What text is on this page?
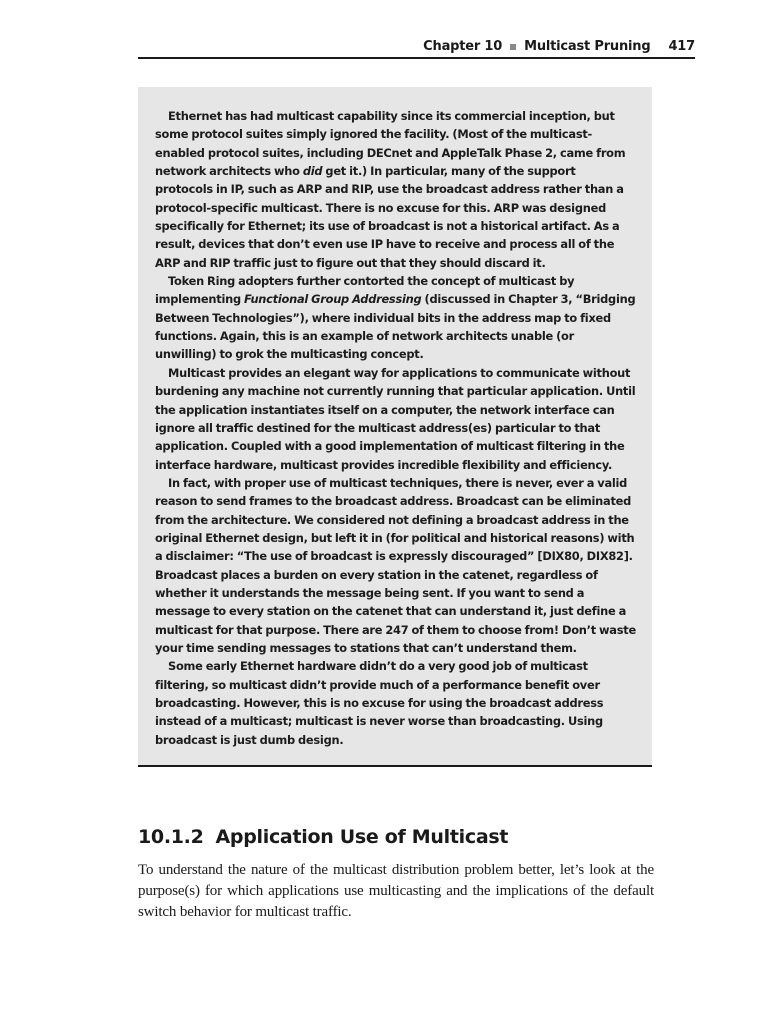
Chapter 10 Multicast Pruning 417

Ethernet has had multicast capability since its commercial inception, but some protocol suites simply ignored the facility. (Most of the multicast-enabled protocol suites, including DECnet and AppleTalk Phase 2, came from network architects who did get it.) In particular, many of the support protocols in IP, such as ARP and RIP, use the broadcast address rather than a protocol-specific multicast. There is no excuse for this. ARP was designed specifically for Ethernet; its use of broadcast is not a historical artifact. As a result, devices that don’t even use IP have to receive and process all of the ARP and RIP traffic just to figure out that they should discard it.

Token Ring adopters further contorted the concept of multicast by implementing Functional Group Addressing (discussed in Chapter 3, “Bridging Between Technologies”), where individual bits in the address map to fixed functions. Again, this is an example of network architects unable (or unwilling) to grok the multicasting concept.

Multicast provides an elegant way for applications to communicate without burdening any machine not currently running that particular application. Until the application instantiates itself on a computer, the network interface can ignore all traffic destined for the multicast address(es) particular to that application. Coupled with a good implementation of multicast filtering in the interface hardware, multicast provides incredible flexibility and efficiency.

In fact, with proper use of multicast techniques, there is never, ever a valid reason to send frames to the broadcast address. Broadcast can be eliminated from the architecture. We considered not defining a broadcast address in the original Ethernet design, but left it in (for political and historical reasons) with a disclaimer: “The use of broadcast is expressly discouraged” [DIX80, DIX82]. Broadcast places a burden on every station in the catenet, regardless of whether it understands the message being sent. If you want to send a message to every station on the catenet that can understand it, just define a multicast for that purpose. There are 247 of them to choose from! Don’t waste your time sending messages to stations that can’t understand them.

Some early Ethernet hardware didn’t do a very good job of multicast filtering, so multicast didn’t provide much of a performance benefit over broadcasting. However, this is no excuse for using the broadcast address instead of a multicast; multicast is never worse than broadcasting. Using broadcast is just dumb design.

10.1.2 Application Use of Multicast

To understand the nature of the multicast distribution problem better, let’s look at the purpose(s) for which applications use multicasting and the implications of the default switch behavior for multicast traffic.
